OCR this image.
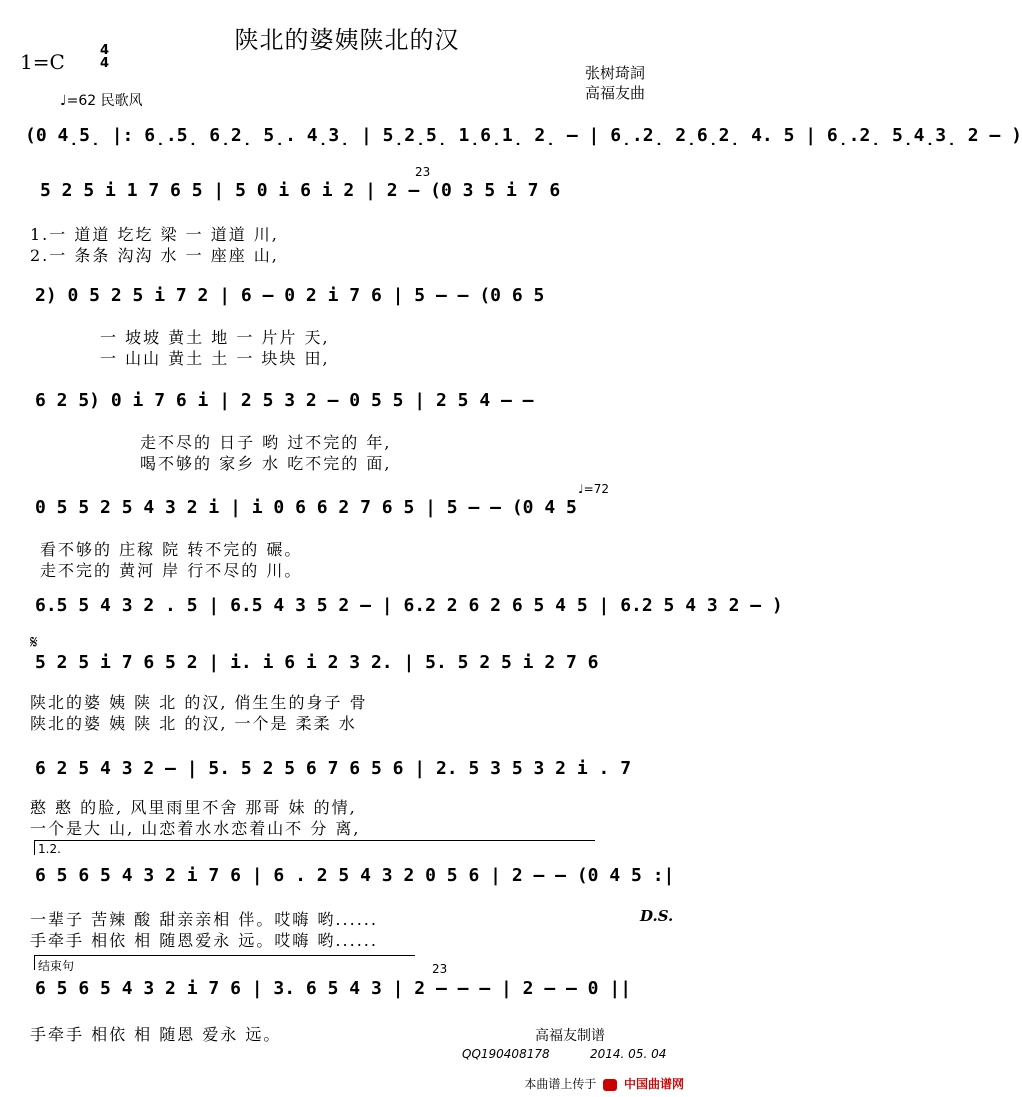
陕北的婆姨陕北的汉
1=C	4
4
♩=62 民歌风
张树琦詞
高福友曲
(0 4̣5̣ |: 6̣.5̣ 6̣2̣ 5̣. 4̣3̣ | 5̣2̣5̣ 1̣6̣1̣ 2̣ – | 6̣.2̣ 2̣6̣2̣ 4. 5 | 6̣.2̣ 5̣4̣3̣ 2 – )
23
5 2 5 i 1 7 6 5 | 5 0 i 6 i 2 | 2 – (0 3 5 i 7 6
1.一 道道 圪圪 梁 一 道道 川,
2.一 条条 沟沟 水 一 座座 山,
2) 0 5 2 5 i 7 2 | 6 – 0 2 i 7 6 | 5 – – (0 6 5
一 坡坡 黄土 地 一 片片 天,
一 山山 黄土 土 一 块块 田,
6 2 5) 0 i 7 6 i | 2 5 3 2 – 0 5 5 | 2 5 4 – –
走不尽的 日子 哟 过不完的 年,
喝不够的 家乡 水 吃不完的 面,
♩=72
0 5 5 2 5 4 3 2 i | i 0 6 6 2 7 6 5 | 5 – – (0 4 5
看不够的 庄稼 院 转不完的 碾。
走不完的 黄河 岸 行不尽的 川。
6.5 5 4 3 2 . 5 | 6.5 4 3 5 2 – | 6.2 2 6 2 6 5 4 5 | 6.2 5 4 3 2 – )
𝄋
5 2 5 i 7 6 5 2 | i. i 6 i 2 3 2. | 5. 5 2 5 i 2 7 6
陕北的婆 姨 陕 北 的汉, 俏生生的身子 骨
陕北的婆 姨 陕 北 的汉, 一个是 柔柔 水
6 2 5 4 3 2 – | 5. 5 2 5 6 7 6 5 6 | 2. 5 3 5 3 2 i . 7
憨 憨 的脸, 风里雨里不舍 那哥 妹 的情,
一个是大 山, 山恋着水水恋着山不 分 离,
1.2.
6 5 6 5 4 3 2 i 7 6 | 6 . 2 5 4 3 2 0 5 6 | 2 – – (0 4 5 :|
一辈子 苦辣 酸 甜亲亲相 伴。哎嗨 哟......
手牵手 相依 相 随恩爱永 远。哎嗨 哟......
D.S.
结束句	23
6 5 6 5 4 3 2 i 7 6 | 3. 6 5 4 3 | 2 – – – | 2 – – 0 ||
手牵手 相依 相 随恩 爱永 远。	高福友制谱
QQ190408178	2014. 05. 04
本曲谱上传于 中国曲谱网
